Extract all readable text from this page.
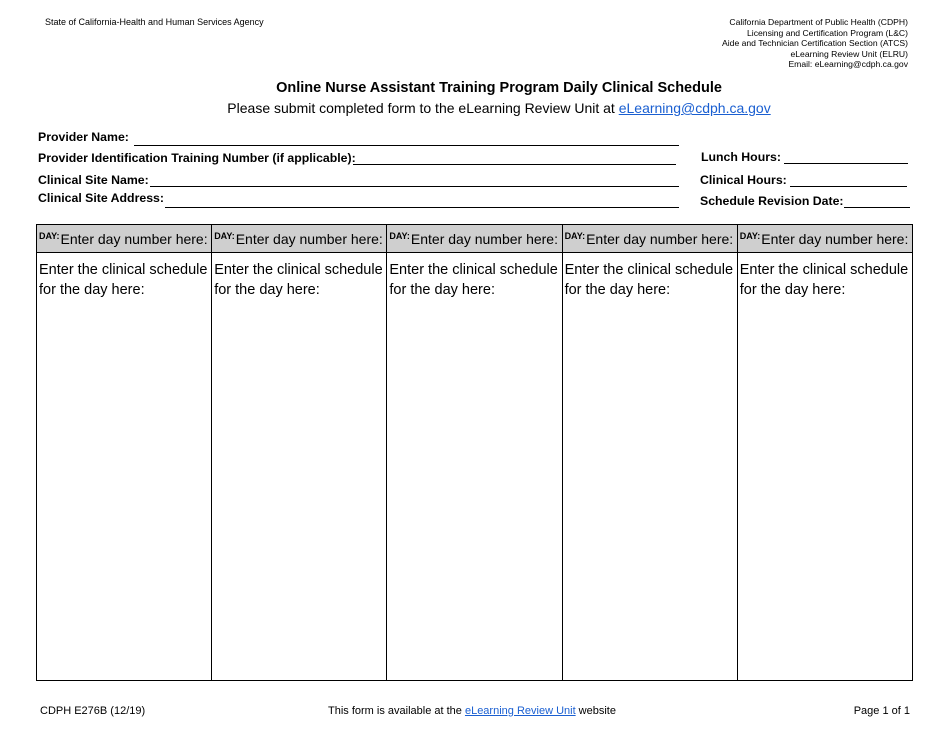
State of California-Health and Human Services Agency	California Department of Public Health (CDPH)
Licensing and Certification Program (L&C)
Aide and Technician Certification Section (ATCS)
eLearning Review Unit (ELRU)
Email: eLearning@cdph.ca.gov
Online Nurse Assistant Training Program Daily Clinical Schedule
Please submit completed form to the eLearning Review Unit at eLearning@cdph.ca.gov
Provider Name:
Provider Identification Training Number (if applicable):
Clinical Site Name:
Clinical Site Address:
Lunch Hours:
Clinical Hours:
Schedule Revision Date:
$^{DAY:}$Enter day number here:	$^{DAY:}$Enter day number here:	$^{DAY:}$Enter day number here:	$^{DAY:}$Enter day number here:	$^{DAY:}$Enter day number here:
Enter the clinical schedule for the day here:	Enter the clinical schedule for the day here:	Enter the clinical schedule for the day here:	Enter the clinical schedule for the day here:	Enter the clinical schedule for the day here:
CDPH E276B (12/19)	This form is available at the eLearning Review Unit website	Page 1 of 1
